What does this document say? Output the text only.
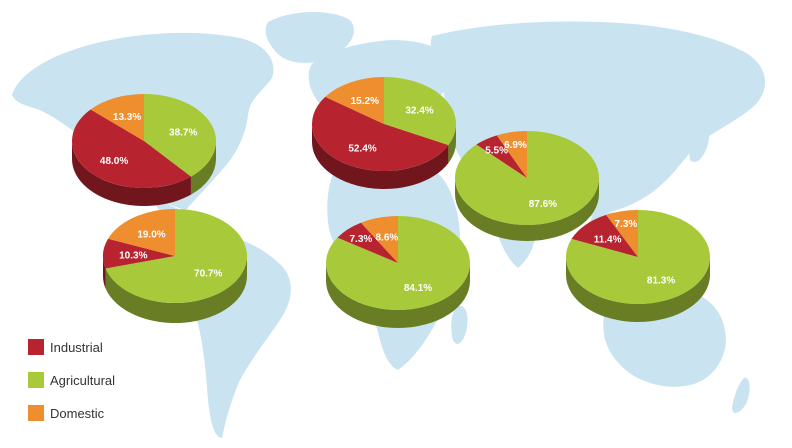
38.7%
48.0%
13.3%
32.4%
52.4%
15.2%
87.6%
5.5%
6.9%
70.7%
10.3%
19.0%
84.1%
7.3% 8.6%
81.3%
11.4%
7.3%
Industrial
Agricultural
Domestic
